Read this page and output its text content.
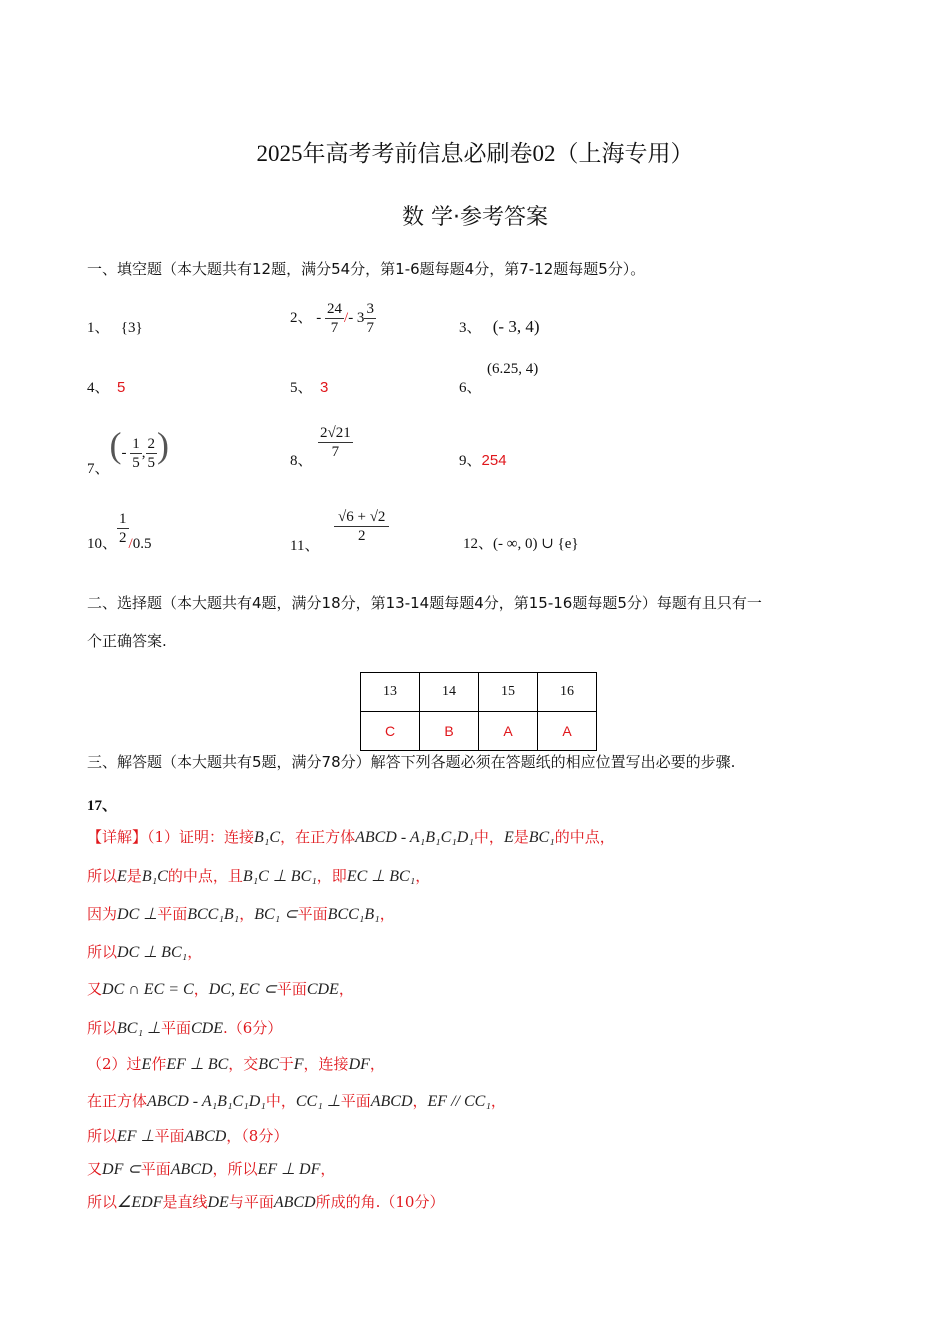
2025年高考考前信息必刷卷02（上海专用）
数 学·参考答案
一、填空题（本大题共有12题，满分54分，第1-6题每题4分，第7-12题每题5分）。
1、 {3}
2、 - $\frac{24}{7} /- 3 \frac{3}{7}$	3、 (- 3, 4)
4、 5	5、 3	6、
(6.25, 4)
7、(- $\frac{1}{5}$ , $\frac{2}{5}$ )	8、 $\frac{2√21}{7}$	9、254
10、 $\frac{1}{2} /0.5$	11、
$\frac{√6 + √2}{2}$	12、(- ∞, 0) ∪ {e}
二、选择题（本大题共有4题，满分18分，第13-14题每题4分，第15-16题每题5分）每题有且只有一
个正确答案.
13	14	15	16
C	B	A	A
三、解答题（本大题共有5题，满分78分）解答下列各题必须在答题纸的相应位置写出必要的步骤.
17、
【详解】（1）证明：连接B₁C，在正方体ABCD - A₁B₁C₁D₁中，E是BC₁的中点，
所以E是B₁C的中点，且B₁C ⊥ BC₁，即EC ⊥ BC₁，
因为DC ⊥平面BCC₁B₁，BC₁ ⊂平面BCC₁B₁，
所以DC ⊥ BC₁，
又DC ∩ EC = C，DC, EC ⊂平面CDE，
所以BC₁ ⊥平面CDE.（6分）
（2）过E作EF ⊥ BC，交BC于F，连接DF，
在正方体ABCD - A₁B₁C₁D₁中，CC₁ ⊥平面ABCD，EF // CC₁，
所以EF ⊥平面ABCD，（8分）
又DF ⊂平面ABCD，所以EF ⊥ DF，
所以∠EDF是直线DE与平面ABCD所成的角.（10分）
